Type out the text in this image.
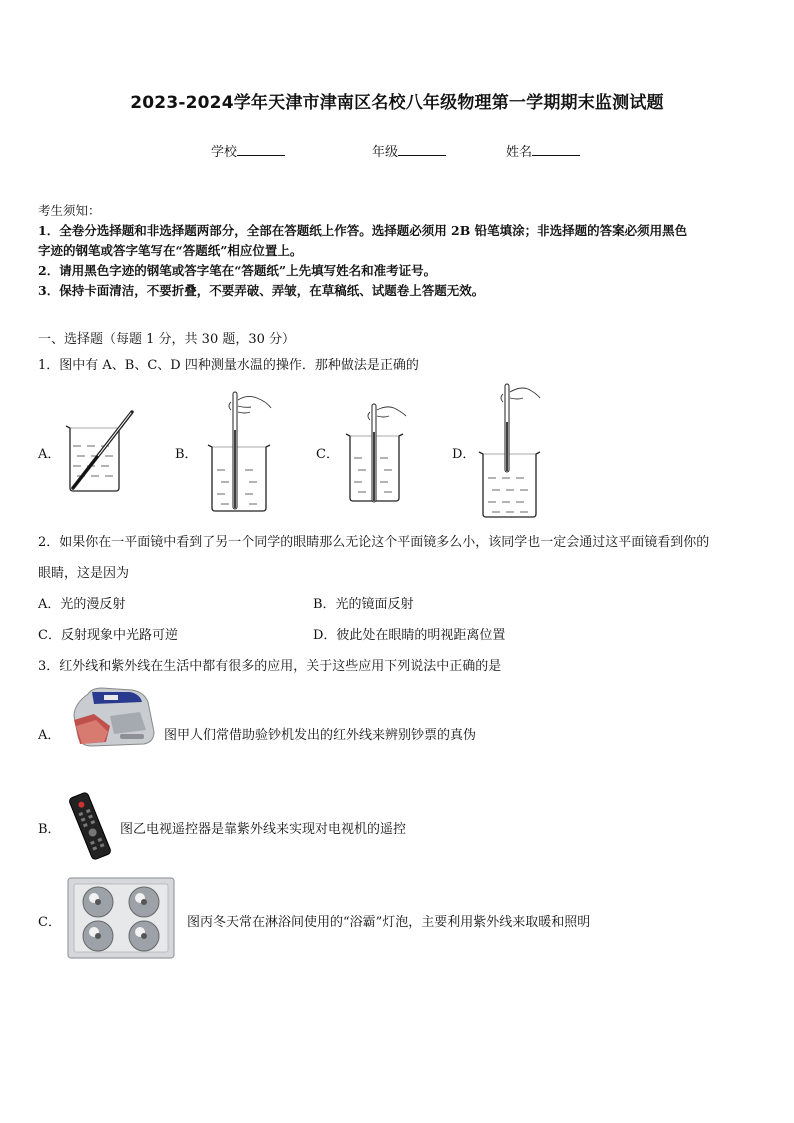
2023-2024学年天津市津南区名校八年级物理第一学期期末监测试题
学校	年级	姓名
考生须知：
1．全卷分选择题和非选择题两部分，全部在答题纸上作答。选择题必须用 2B 铅笔填涂；非选择题的答案必须用黑色
字迹的钢笔或答字笔写在“答题纸”相应位置上。
2．请用黑色字迹的钢笔或答字笔在“答题纸”上先填写姓名和准考证号。
3．保持卡面清洁，不要折叠，不要弄破、弄皱，在草稿纸、试题卷上答题无效。
一、选择题（每题 1 分，共 30 题，30 分）
1．图中有 A、B、C、D 四种测量水温的操作．那种做法是正确的
A．	B．	C．	D．
2．如果你在一平面镜中看到了另一个同学的眼睛那么无论这个平面镜多么小，该同学也一定会通过这平面镜看到你的
眼睛，这是因为
A．光的漫反射	B．光的镜面反射
C．反射现象中光路可逆	D．彼此处在眼睛的明视距离位置
3．红外线和紫外线在生活中都有很多的应用，关于这些应用下列说法中正确的是
A．	图甲人们常借助验钞机发出的红外线来辨别钞票的真伪
B．	图乙电视遥控器是靠紫外线来实现对电视机的遥控
C．	图丙冬天常在淋浴间使用的“浴霸”灯泡，主要利用紫外线来取暖和照明
